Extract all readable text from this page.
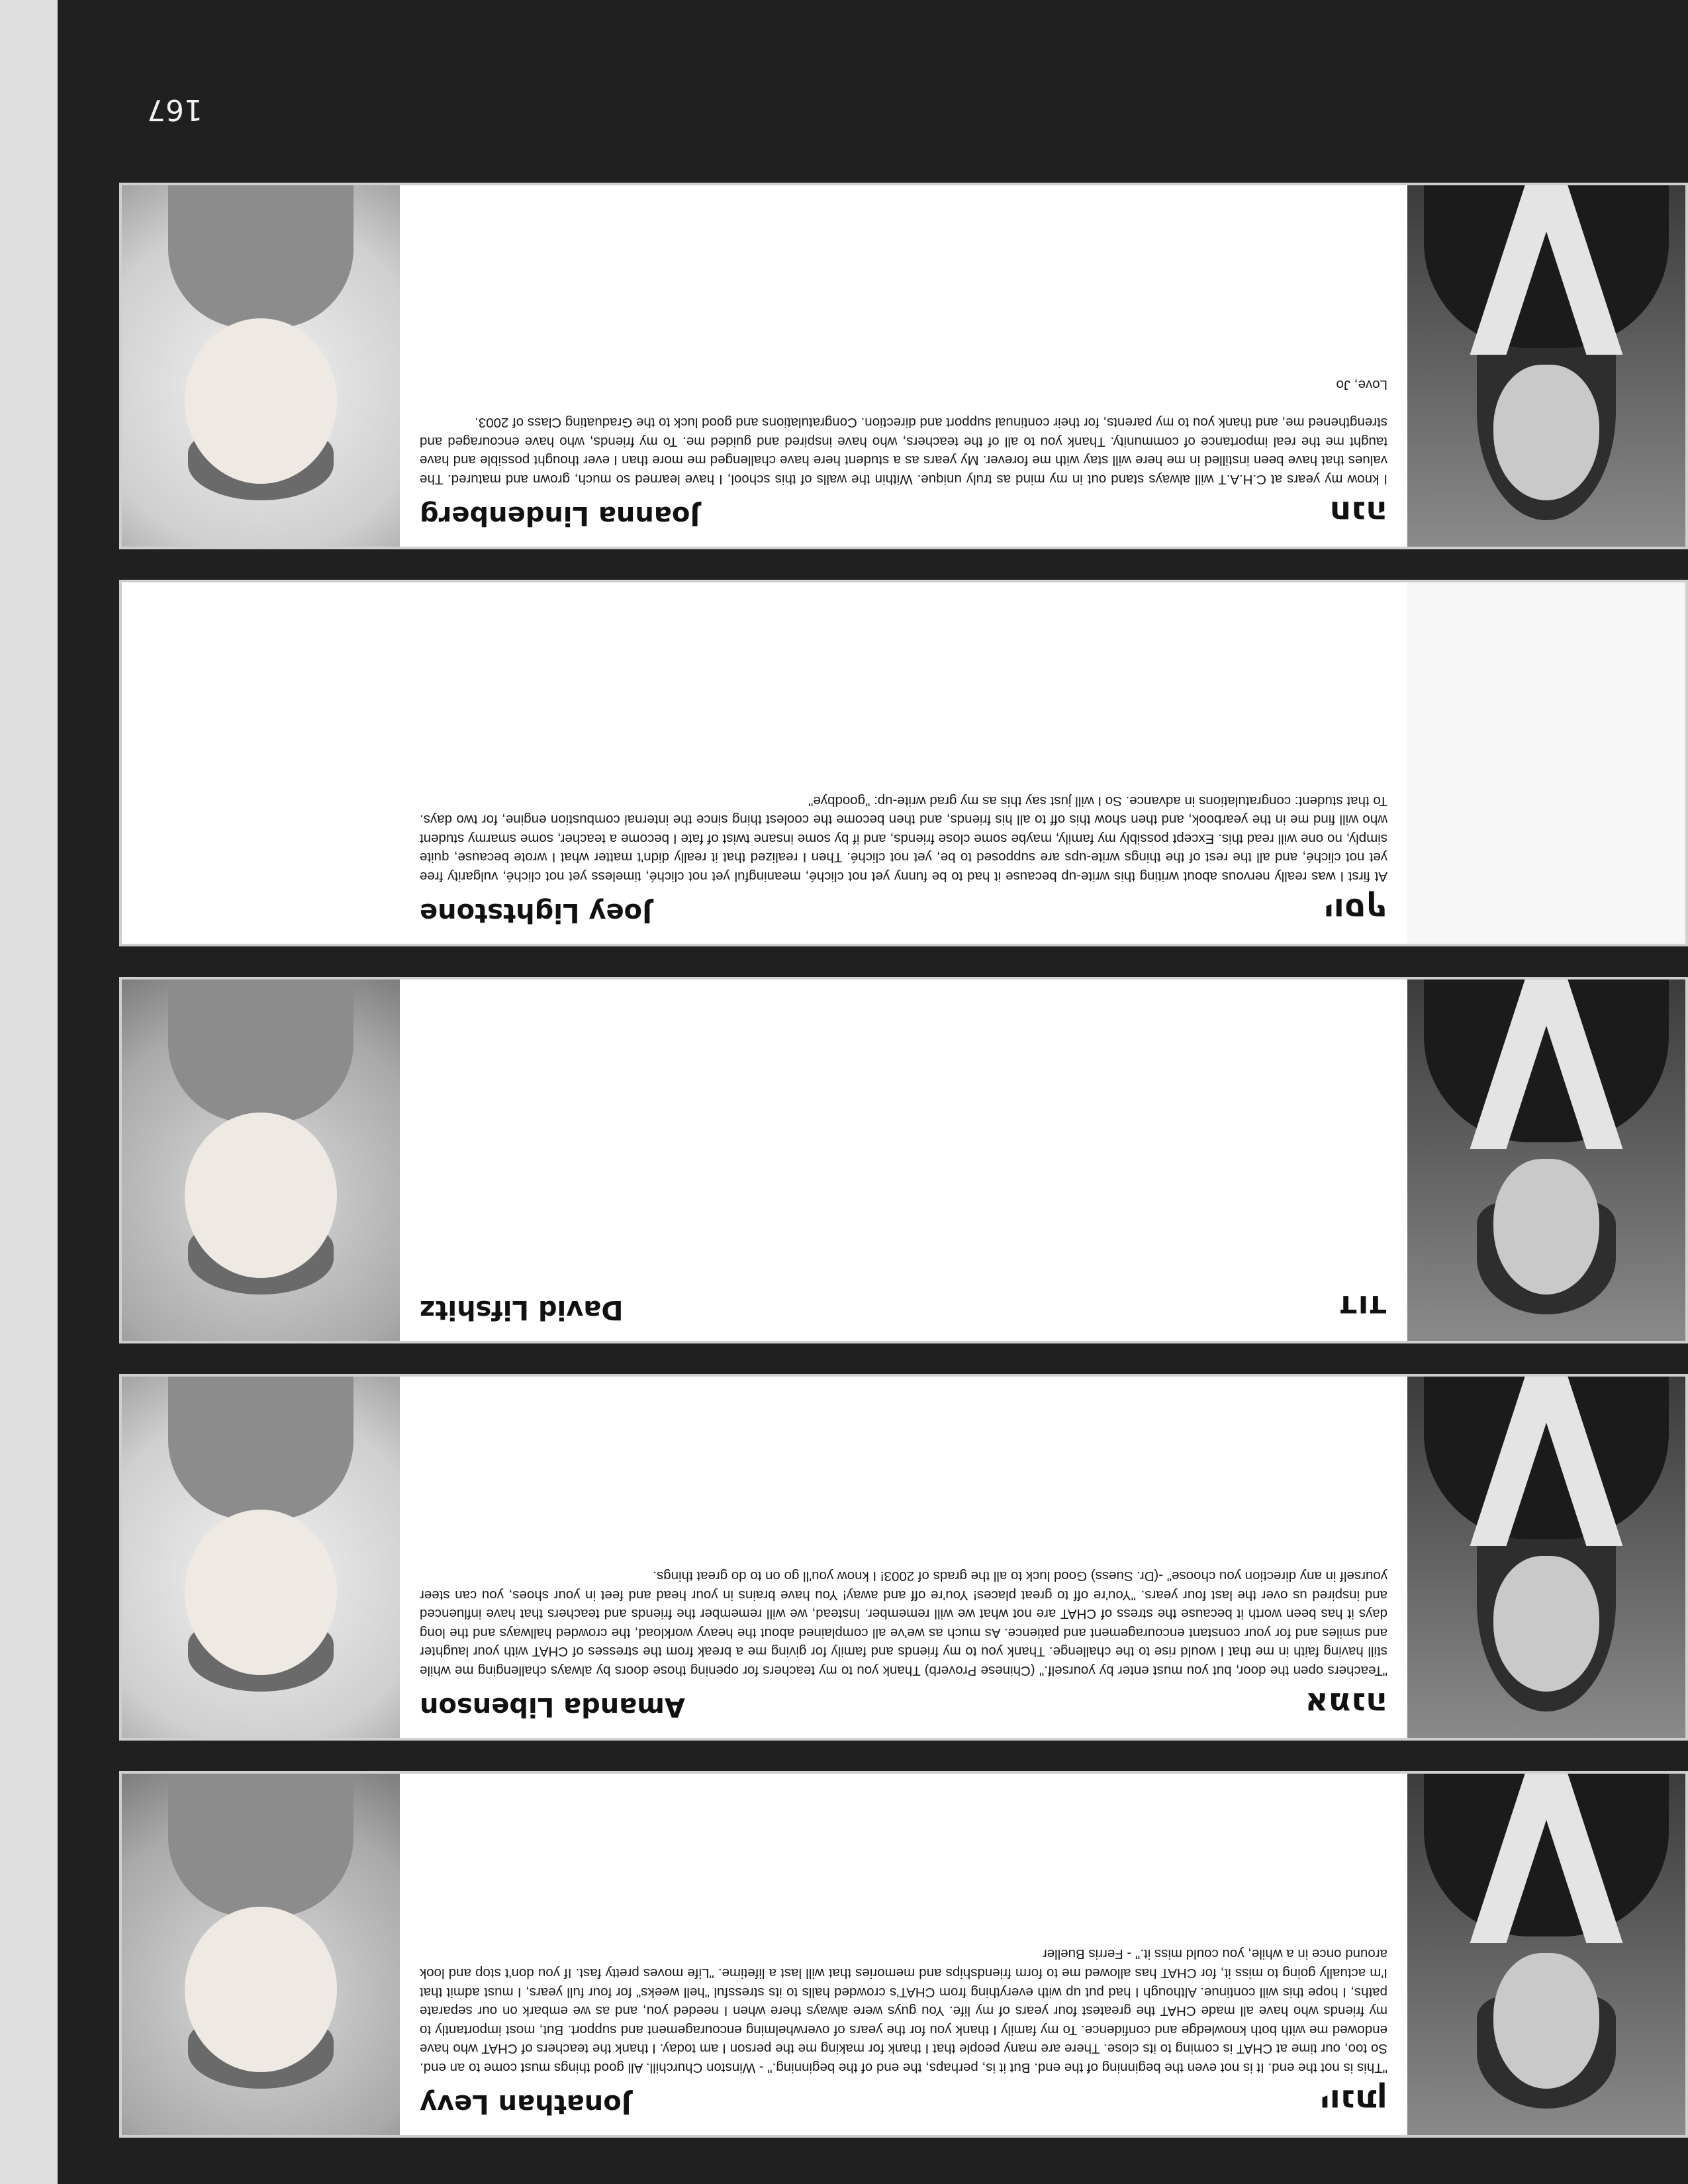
יונתן
Jonathan Levy
"This is not the end. It is not even the beginning of the end. But it is, perhaps, the end of the beginning." - Winston Churchill. All good things must come to an end. So too, our time at CHAT is coming to its close. There are many people that I thank for making me the person I am today. I thank the teachers of CHAT who have endowed me with both knowledge and confidence. To my family I thank you for the years of overwhelming encouragement and support. But, most importantly to my friends who have all made CHAT the greatest four years of my life. You guys were always there when I needed you, and as we embark on our separate paths, I hope this will continue. Although I had put up with everything from CHAT's crowded halls to its stressful "hell weeks" for four full years, I must admit that I'm actually going to miss it, for CHAT has allowed me to form friendships and memories that will last a lifetime. "Life moves pretty fast. If you don't stop and look around once in a while, you could miss it." - Ferris Bueller
אמנה
Amanda Libenson
"Teachers open the door, but you must enter by yourself." (Chinese Proverb) Thank you to my teachers for opening those doors by always challenging me while still having faith in me that I would rise to the challenge. Thank you to my friends and family for giving me a break from the stresses of CHAT with your laughter and smiles and for your constant encouragement and patience. As much as we've all complained about the heavy workload, the crowded hallways and the long days it has been worth it because the stress of CHAT are not what we will remember. Instead, we will remember the friends and teachers that have influenced and inspired us over the last four years. "You're off to great places! You're off and away! You have brains in your head and feet in your shoes, you can steer yourself in any direction you choose" -(Dr. Suess) Good luck to all the grads of 2003! I know you'll go on to do great things.
דוד
David Lifshitz
יוסף
Joey Lightstone
At first I was really nervous about writing this write-up because it had to be funny yet not cliché, meaningful yet not cliché, timeless yet not cliché, vulgarity free yet not cliché, and all the rest of the things write-ups are supposed to be, yet not cliché. Then I realized that it really didn't matter what I wrote because, quite simply, no one will read this. Except possibly my family, maybe some close friends, and if by some insane twist of fate I become a teacher, some smarmy student who will find me in the yearbook, and then show this off to all his friends, and then become the coolest thing since the internal combustion engine, for two days. To that student: congratulations in advance. So I will just say this as my grad write-up: "goodbye"
חנה
Joanna Lindenberg
I know my years at C.H.A.T will always stand out in my mind as truly unique. Within the walls of this school, I have learned so much, grown and matured. The values that have been instilled in me here will stay with me forever. My years as a student here have challenged me more than I ever thought possible and have taught me the real importance of community. Thank you to all of the teachers, who have inspired and guided me. To my friends, who have encouraged and strengthened me, and thank you to my parents, for their continual support and direction. Congratulations and good luck to the Graduating Class of 2003.

Love, Jo
167
